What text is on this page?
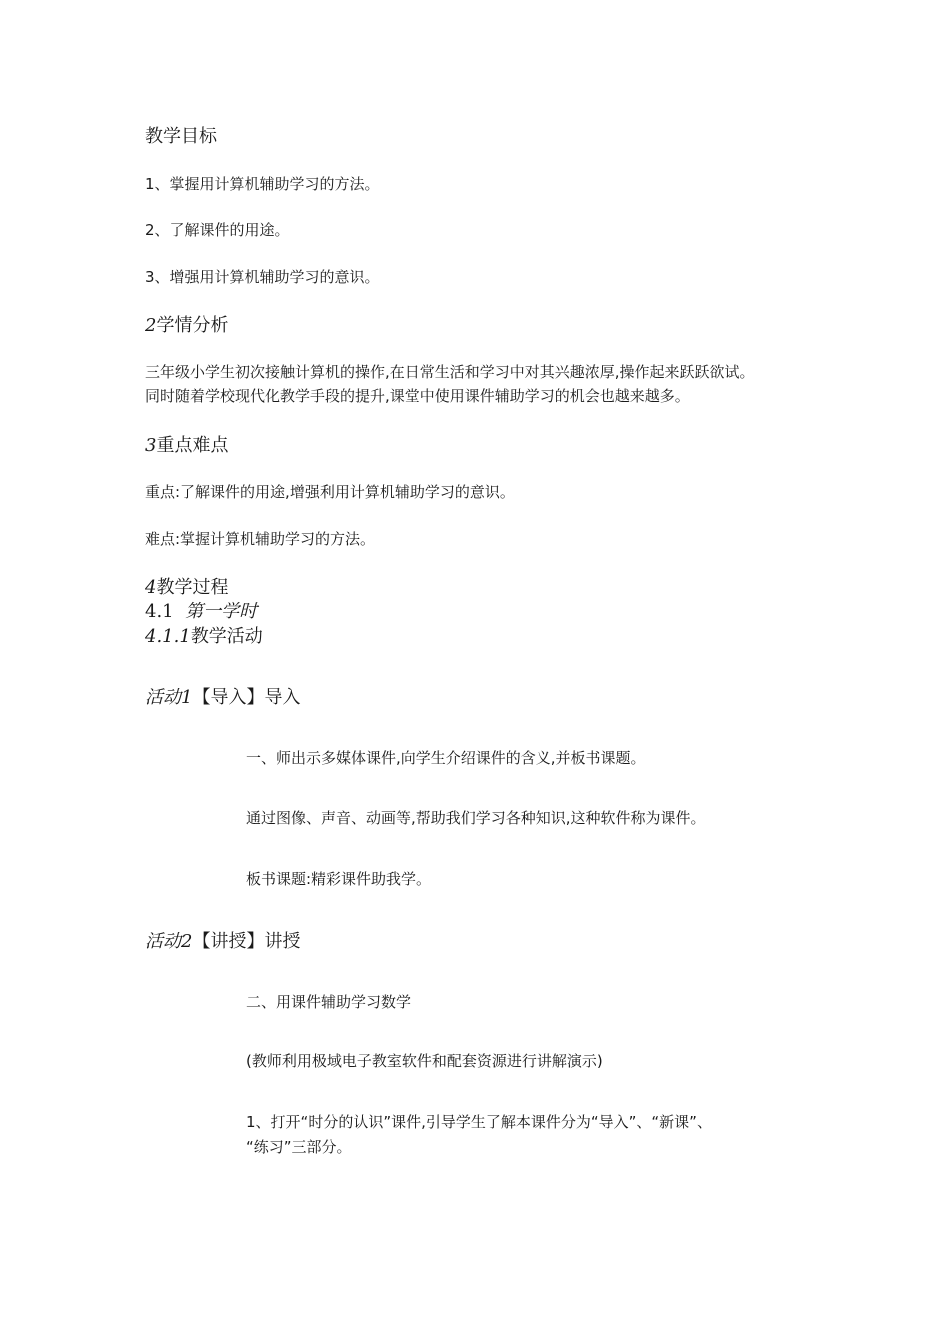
教学目标
1、掌握用计算机辅助学习的方法。
2、了解课件的用途。
3、增强用计算机辅助学习的意识。
2学情分析
三年级小学生初次接触计算机的操作,在日常生活和学习中对其兴趣浓厚,操作起来跃跃欲试。
同时随着学校现代化教学手段的提升,课堂中使用课件辅助学习的机会也越来越多。
3重点难点
重点:了解课件的用途,增强利用计算机辅助学习的意识。
难点:掌握计算机辅助学习的方法。
4教学过程
4.1 第一学时
4.1.1教学活动
活动1【导入】导入
一、师出示多媒体课件,向学生介绍课件的含义,并板书课题。
通过图像、声音、动画等,帮助我们学习各种知识,这种软件称为课件。
板书课题:精彩课件助我学。
活动2【讲授】讲授
二、用课件辅助学习数学
(教师利用极域电子教室软件和配套资源进行讲解演示)
1、打开“时分的认识”课件,引导学生了解本课件分为“导入”、“新课”、
“练习”三部分。
